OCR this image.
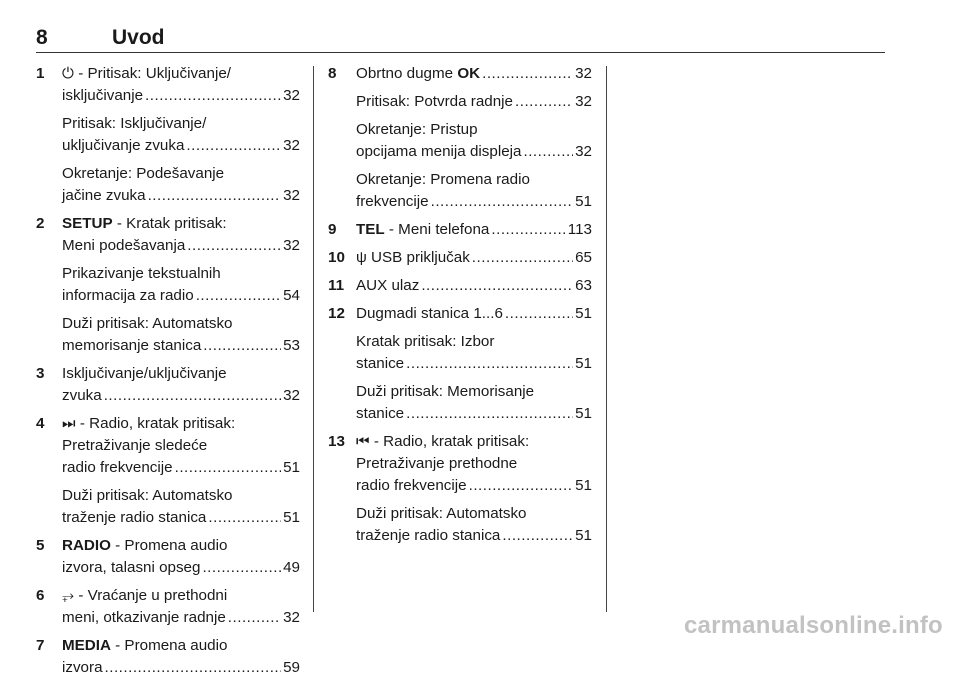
8	Uvod
1 ⏻ - Pritisak: Uključivanje/
isključivanje .....	32
Pritisak: Isključivanje/
uključivanje zvuka .....	32
Okretanje: Podešavanje
jačine zvuka .....	32
2 SETUP - Kratak pritisak:
Meni podešavanja .....	32
Prikazivanje tekstualnih
informacija za radio .....	54
Duži pritisak: Automatsko
memorisanje stanica .....	53
3 Isključivanje/uključivanje
zvuka .....	32
4 ⏭ - Radio, kratak pritisak:
Pretraživanje sledeće
radio frekvencije .....	51
Duži pritisak: Automatsko
traženje radio stanica .....	51
5 RADIO - Promena audio
izvora, talasni opseg .....	49
6 ⥅ - Vraćanje u prethodni
meni, otkazivanje radnje .....	32
7 MEDIA - Promena audio
izvora .....	59
8 Obrtno dugme OK .....	32
Pritisak: Potvrda radnje .....	32
Okretanje: Pristup
opcijama menija displeja .....	32
Okretanje: Promena radio
frekvencije .....	51
9 TEL - Meni telefona .....	113
10 ψ USB priključak .....	65
11 AUX ulaz .....	63
12 Dugmadi stanica 1...6 .....	51
Kratak pritisak: Izbor
stanice .....	51
Duži pritisak: Memorisanje
stanice .....	51
13 ⏮ - Radio, kratak pritisak:
Pretraživanje prethodne
radio frekvencije .....	51
Duži pritisak: Automatsko
traženje radio stanica .....	51
carmanualsonline.info
